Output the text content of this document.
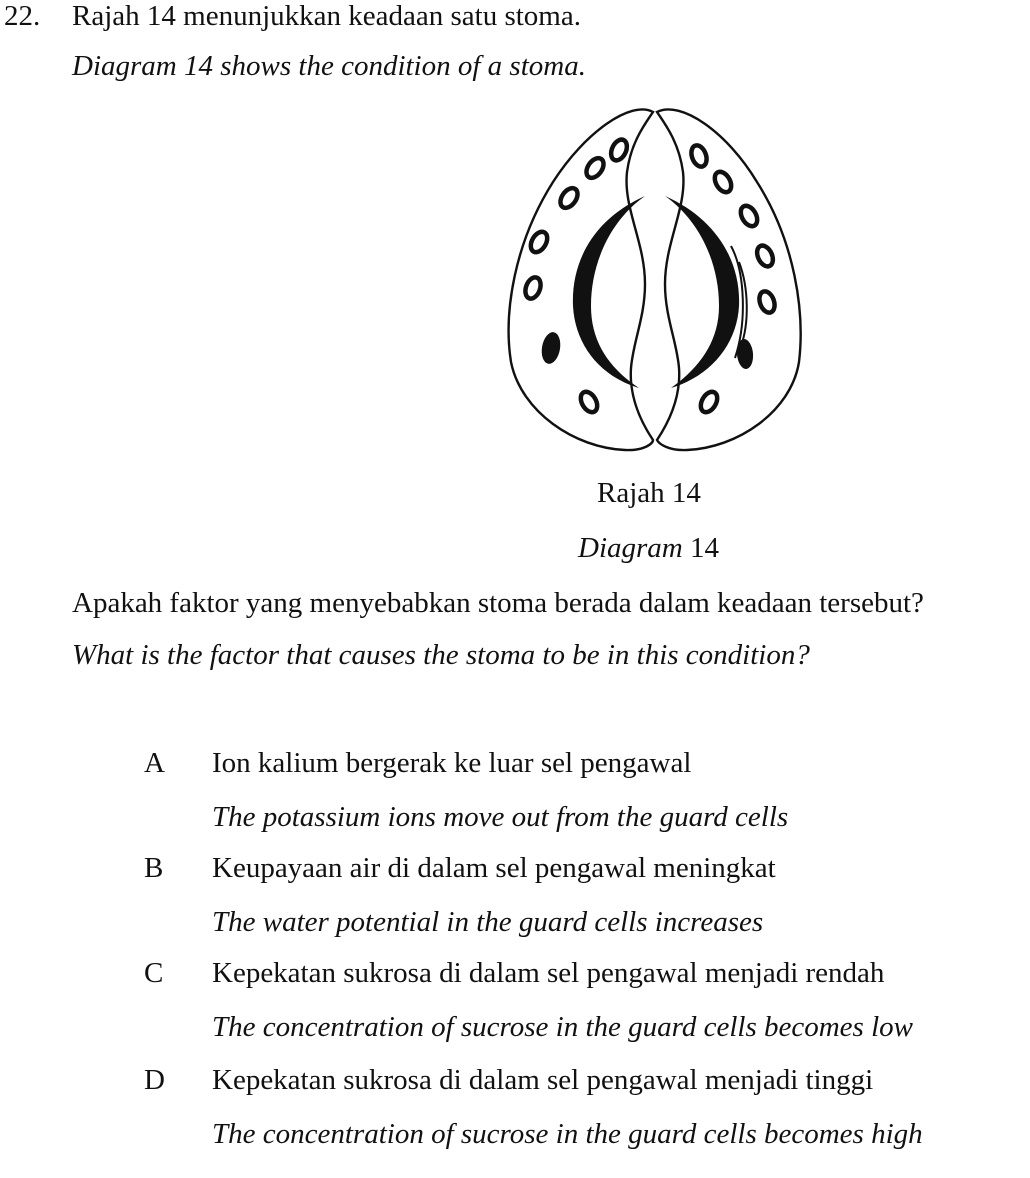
22. Rajah 14 menunjukkan keadaan satu stoma.
Diagram 14 shows the condition of a stoma.
Rajah 14
Diagram 14
Apakah faktor yang menyebabkan stoma berada dalam keadaan tersebut?
What is the factor that causes the stoma to be in this condition?
A Ion kalium bergerak ke luar sel pengawal
The potassium ions move out from the guard cells
B Keupayaan air di dalam sel pengawal meningkat
The water potential in the guard cells increases
C Kepekatan sukrosa di dalam sel pengawal menjadi rendah
The concentration of sucrose in the guard cells becomes low
D Kepekatan sukrosa di dalam sel pengawal menjadi tinggi
The concentration of sucrose in the guard cells becomes high
